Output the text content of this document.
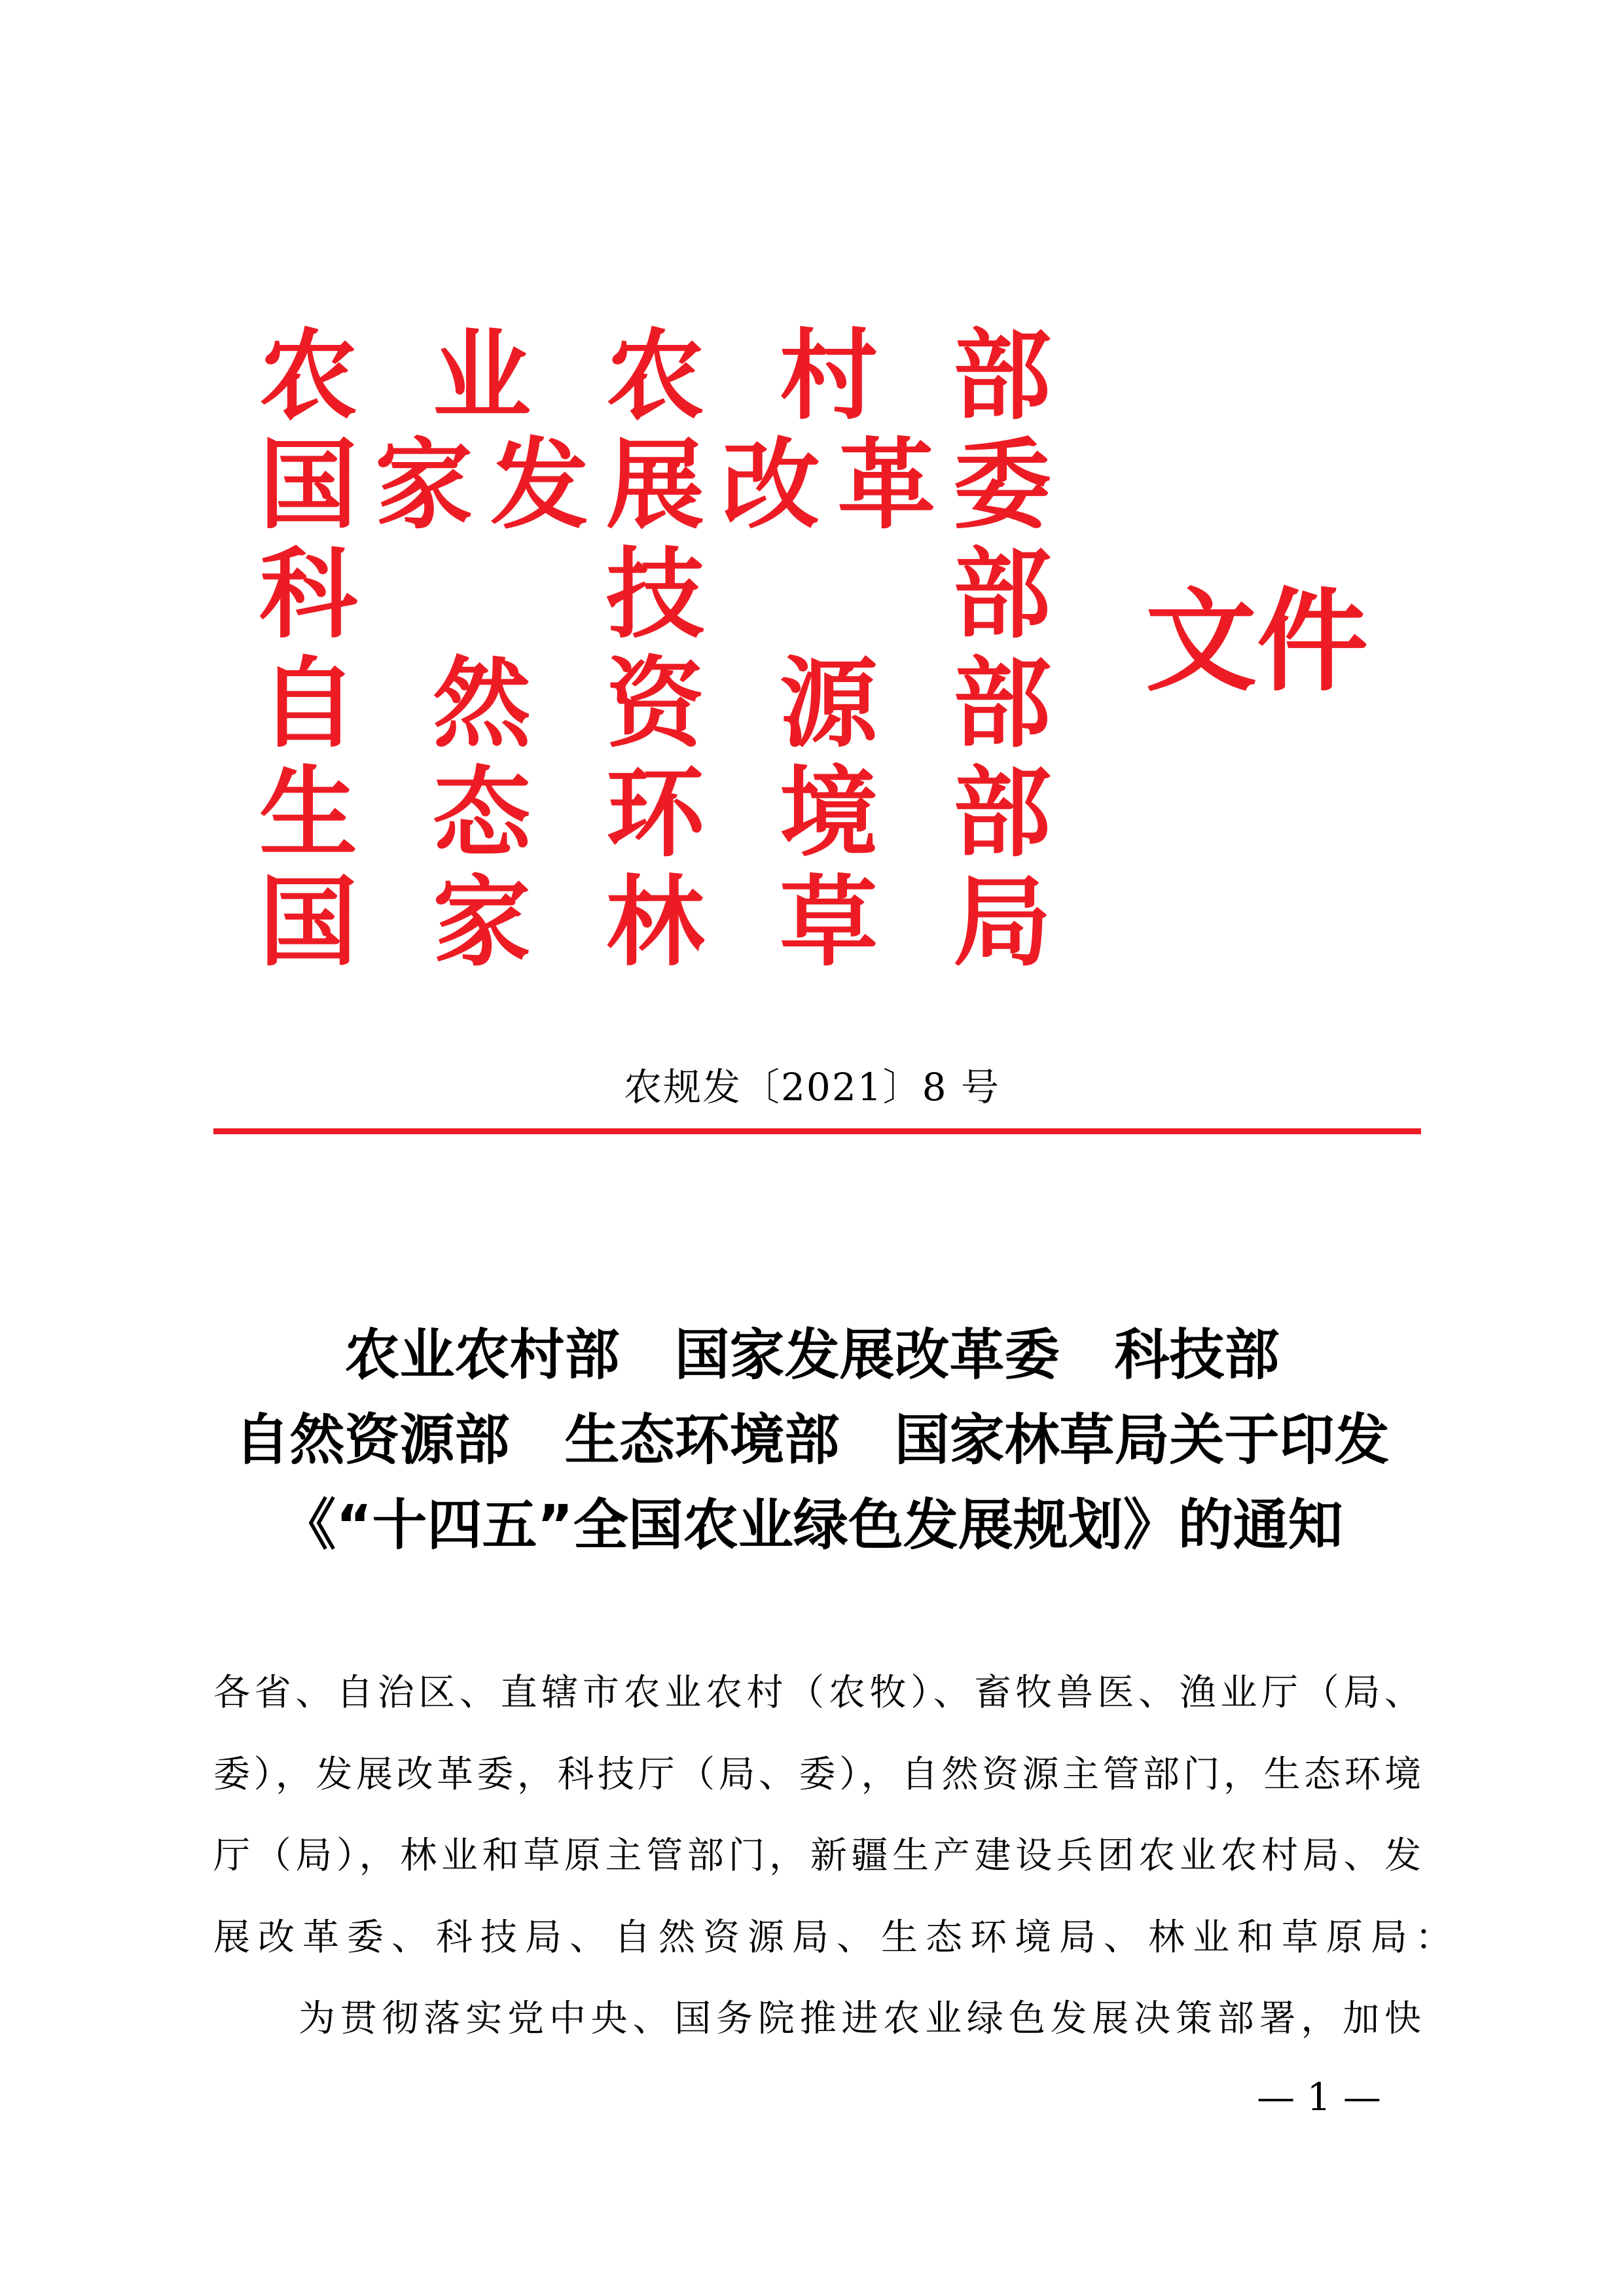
农 业 农 村 部
国 家 发 展 改 革 委
科	技	部
自 然 资 源 部
生 态 环 境 部
国 家 林 草 局
文件
农规发〔2021〕8 号
农业农村部　国家发展改革委　科技部
自然资源部　生态环境部　国家林草局关于印发
《“十四五”全国农业绿色发展规划》的通知
各省、自治区、直辖市农业农村（农牧）、畜牧兽医、渔业厅（局、
委），发展改革委，科技厅（局、委），自然资源主管部门，生态环境
厅（局），林业和草原主管部门，新疆生产建设兵团农业农村局、发
展改革委、科技局、自然资源局、生态环境局、林业和草原局：
为贯彻落实党中央、国务院推进农业绿色发展决策部署，加快
— 1 —
